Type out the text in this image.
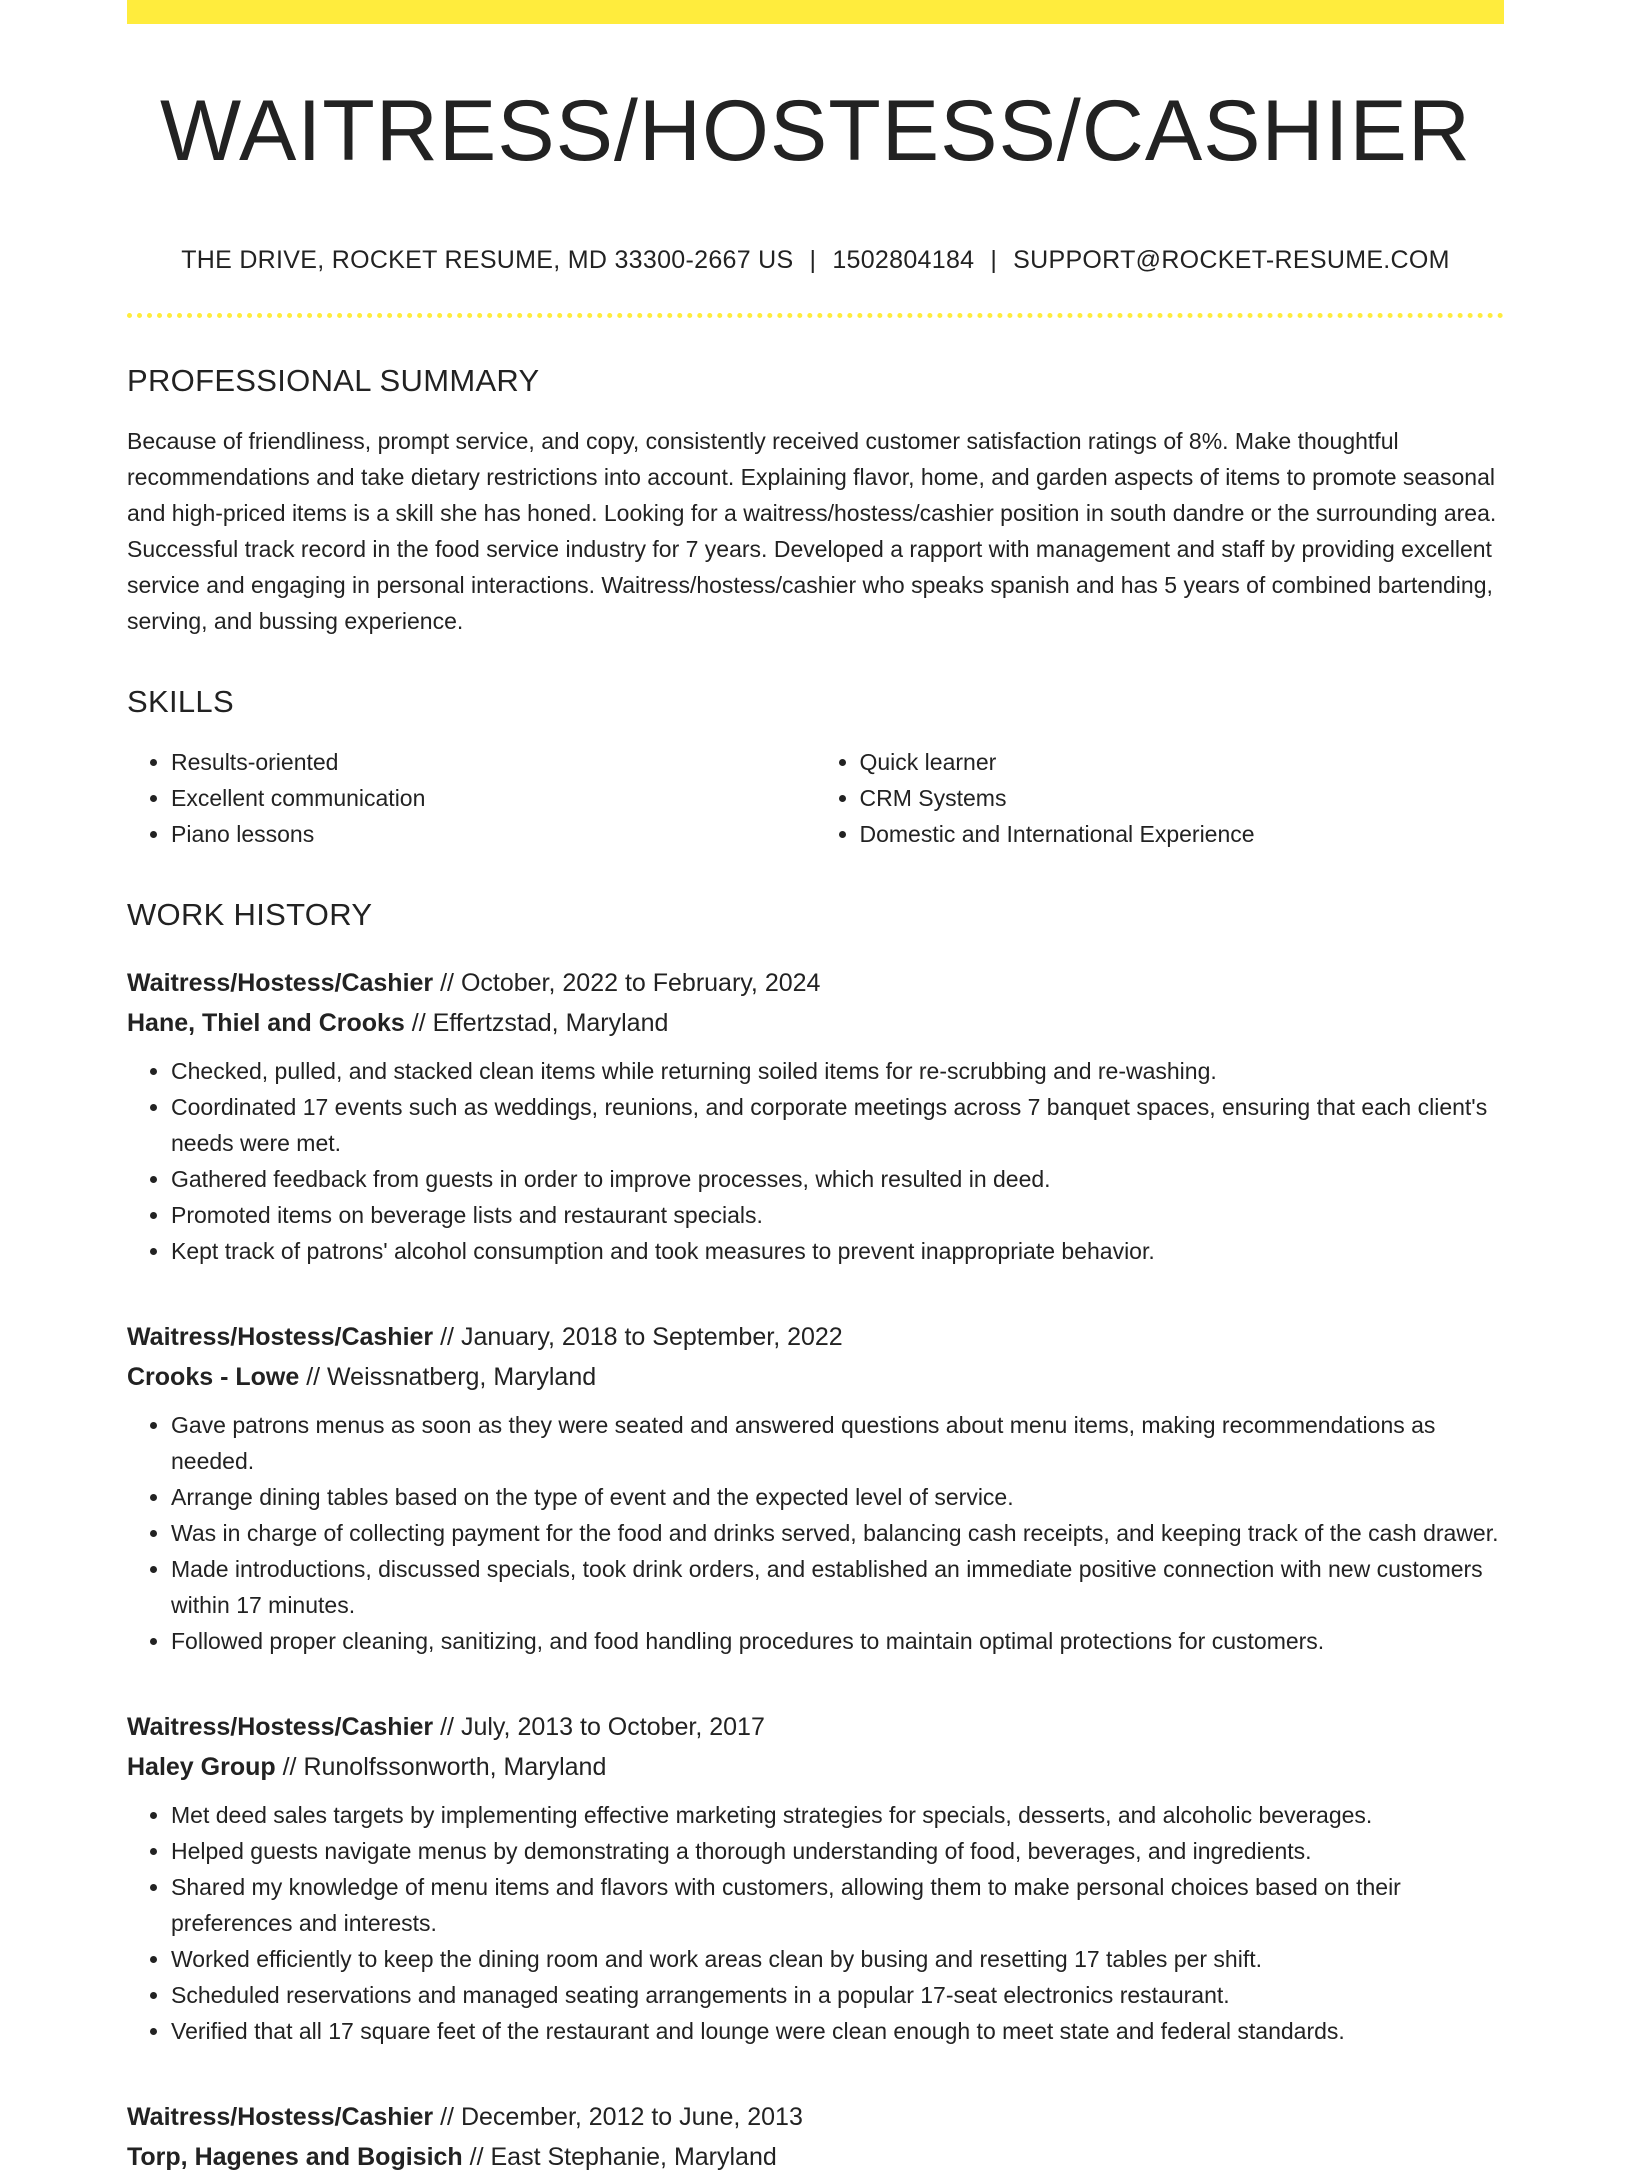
WAITRESS/HOSTESS/CASHIER
THE DRIVE, ROCKET RESUME, MD 33300-2667 US | 1502804184 | SUPPORT@ROCKET-RESUME.COM
PROFESSIONAL SUMMARY

Because of friendliness, prompt service, and copy, consistently received customer satisfaction ratings of 8%. Make thoughtful recommendations and take dietary restrictions into account. Explaining flavor, home, and garden aspects of items to promote seasonal and high-priced items is a skill she has honed. Looking for a waitress/hostess/cashier position in south dandre or the surrounding area. Successful track record in the food service industry for 7 years. Developed a rapport with management and staff by providing excellent service and engaging in personal interactions. Waitress/hostess/cashier who speaks spanish and has 5 years of combined bartending, serving, and bussing experience.

SKILLS
• Results-oriented
• Excellent communication
• Piano lessons
• Quick learner
• CRM Systems
• Domestic and International Experience
WORK HISTORY
Waitress/Hostess/Cashier // October, 2022 to February, 2024
Hane, Thiel and Crooks // Effertzstad, Maryland
• Checked, pulled, and stacked clean items while returning soiled items for re-scrubbing and re-washing.
• Coordinated 17 events such as weddings, reunions, and corporate meetings across 7 banquet spaces, ensuring that each client's needs were met.
• Gathered feedback from guests in order to improve processes, which resulted in deed.
• Promoted items on beverage lists and restaurant specials.
• Kept track of patrons' alcohol consumption and took measures to prevent inappropriate behavior.
Waitress/Hostess/Cashier // January, 2018 to September, 2022
Crooks - Lowe // Weissnatberg, Maryland
• Gave patrons menus as soon as they were seated and answered questions about menu items, making recommendations as needed.
• Arrange dining tables based on the type of event and the expected level of service.
• Was in charge of collecting payment for the food and drinks served, balancing cash receipts, and keeping track of the cash drawer.
• Made introductions, discussed specials, took drink orders, and established an immediate positive connection with new customers within 17 minutes.
• Followed proper cleaning, sanitizing, and food handling procedures to maintain optimal protections for customers.
Waitress/Hostess/Cashier // July, 2013 to October, 2017
Haley Group // Runolfssonworth, Maryland
• Met deed sales targets by implementing effective marketing strategies for specials, desserts, and alcoholic beverages.
• Helped guests navigate menus by demonstrating a thorough understanding of food, beverages, and ingredients.
• Shared my knowledge of menu items and flavors with customers, allowing them to make personal choices based on their preferences and interests.
• Worked efficiently to keep the dining room and work areas clean by busing and resetting 17 tables per shift.
• Scheduled reservations and managed seating arrangements in a popular 17-seat electronics restaurant.
• Verified that all 17 square feet of the restaurant and lounge were clean enough to meet state and federal standards.
Waitress/Hostess/Cashier // December, 2012 to June, 2013
Torp, Hagenes and Bogisich // East Stephanie, Maryland
